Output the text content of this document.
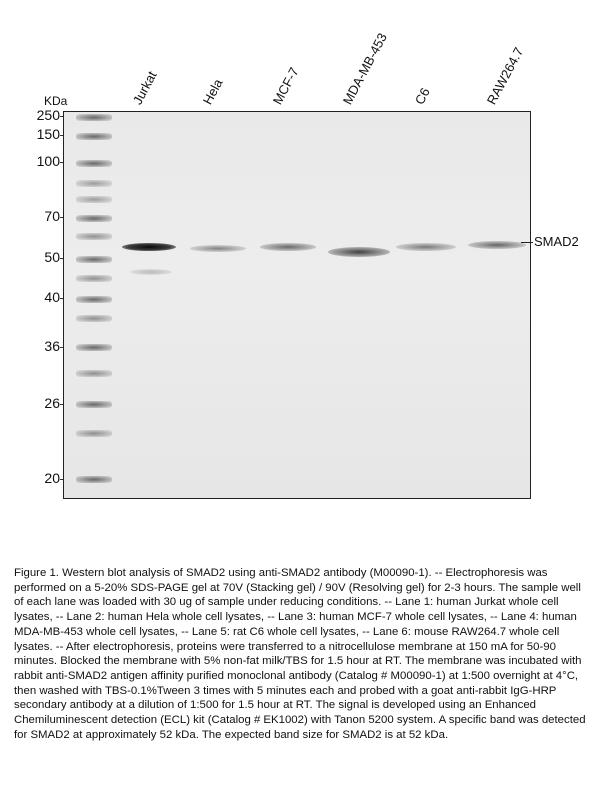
KDa	Jurkat	Hela	MCF-7	MDA-MB-453 C6	RAW264.7
250
150
100
70
50
40
36
26
20
SMAD2
Figure 1. Western blot analysis of SMAD2 using anti-SMAD2 antibody (M00090-1). -- Electrophoresis was performed on a 5-20% SDS-PAGE gel at 70V (Stacking gel) / 90V (Resolving gel) for 2-3 hours. The sample well of each lane was loaded with 30 ug of sample under reducing conditions. -- Lane 1: human Jurkat whole cell lysates, -- Lane 2: human Hela whole cell lysates, -- Lane 3: human MCF-7 whole cell lysates, -- Lane 4: human MDA-MB-453 whole cell lysates, -- Lane 5: rat C6 whole cell lysates, -- Lane 6: mouse RAW264.7 whole cell lysates. -- After electrophoresis, proteins were transferred to a nitrocellulose membrane at 150 mA for 50-90 minutes. Blocked the membrane with 5% non-fat milk/TBS for 1.5 hour at RT. The membrane was incubated with rabbit anti-SMAD2 antigen affinity purified monoclonal antibody (Catalog # M00090-1) at 1:500 overnight at 4°C, then washed with TBS-0.1%Tween 3 times with 5 minutes each and probed with a goat anti-rabbit IgG-HRP secondary antibody at a dilution of 1:500 for 1.5 hour at RT. The signal is developed using an Enhanced Chemiluminescent detection (ECL) kit (Catalog # EK1002) with Tanon 5200 system. A specific band was detected for SMAD2 at approximately 52 kDa. The expected band size for SMAD2 is at 52 kDa.
